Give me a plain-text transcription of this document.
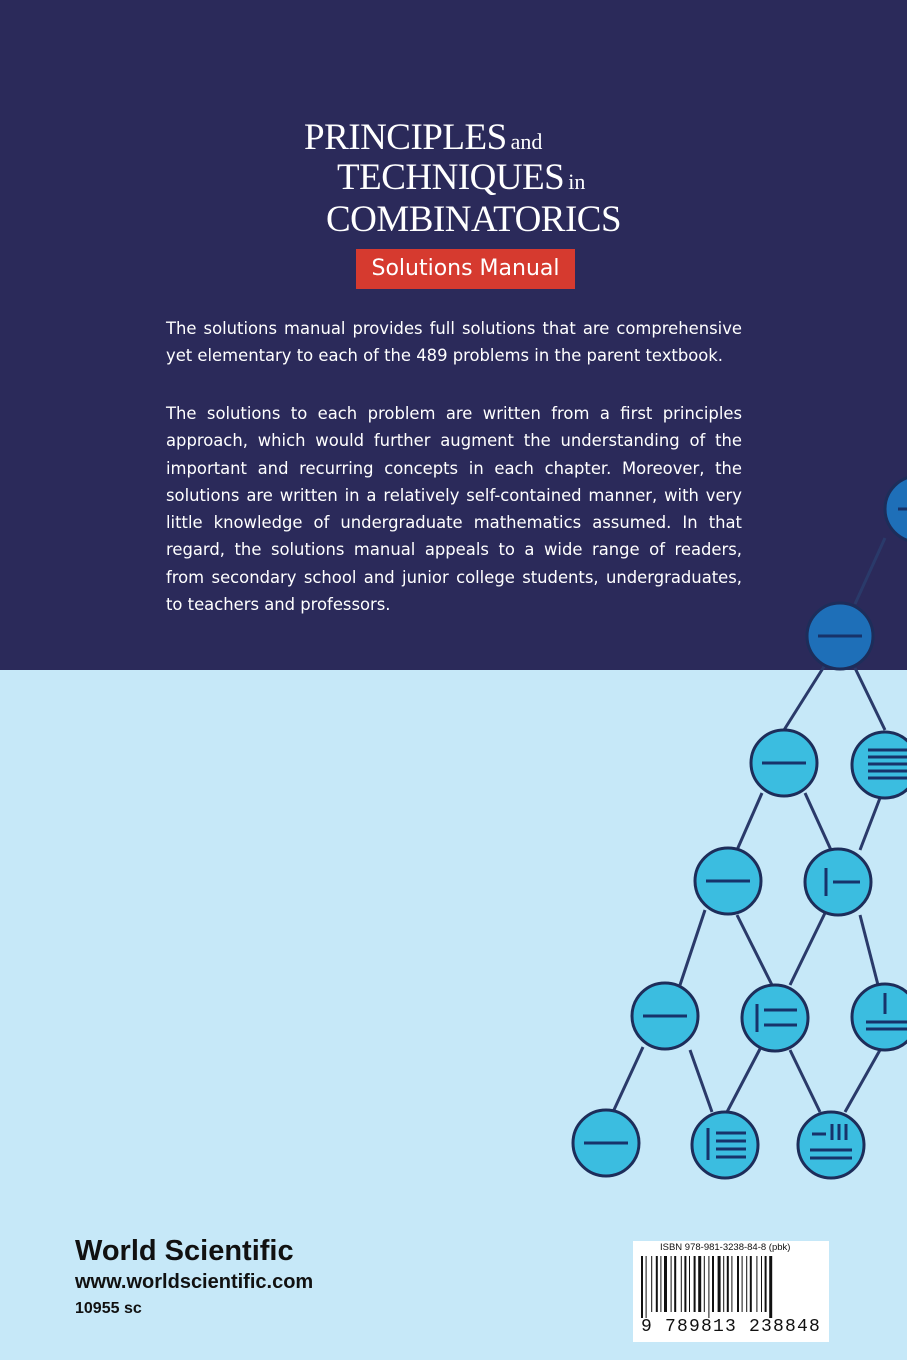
PRINCIPLES and
TECHNIQUES in
COMBINATORICS
Solutions Manual

The solutions manual provides full solutions that are comprehensive yet elementary to each of the 489 problems in the parent textbook.

The solutions to each problem are written from a first principles approach, which would further augment the understanding of the important and recurring concepts in each chapter. Moreover, the solutions are written in a relatively self-contained manner, with very little knowledge of undergraduate mathematics assumed. In that regard, the solutions manual appeals to a wide range of readers, from secondary school and junior college students, undergraduates, to teachers and professors.

World Scientific
www.worldscientific.com
10955 sc
ISBN 978-981-3238-84-8 (pbk)
9 789813 238848
